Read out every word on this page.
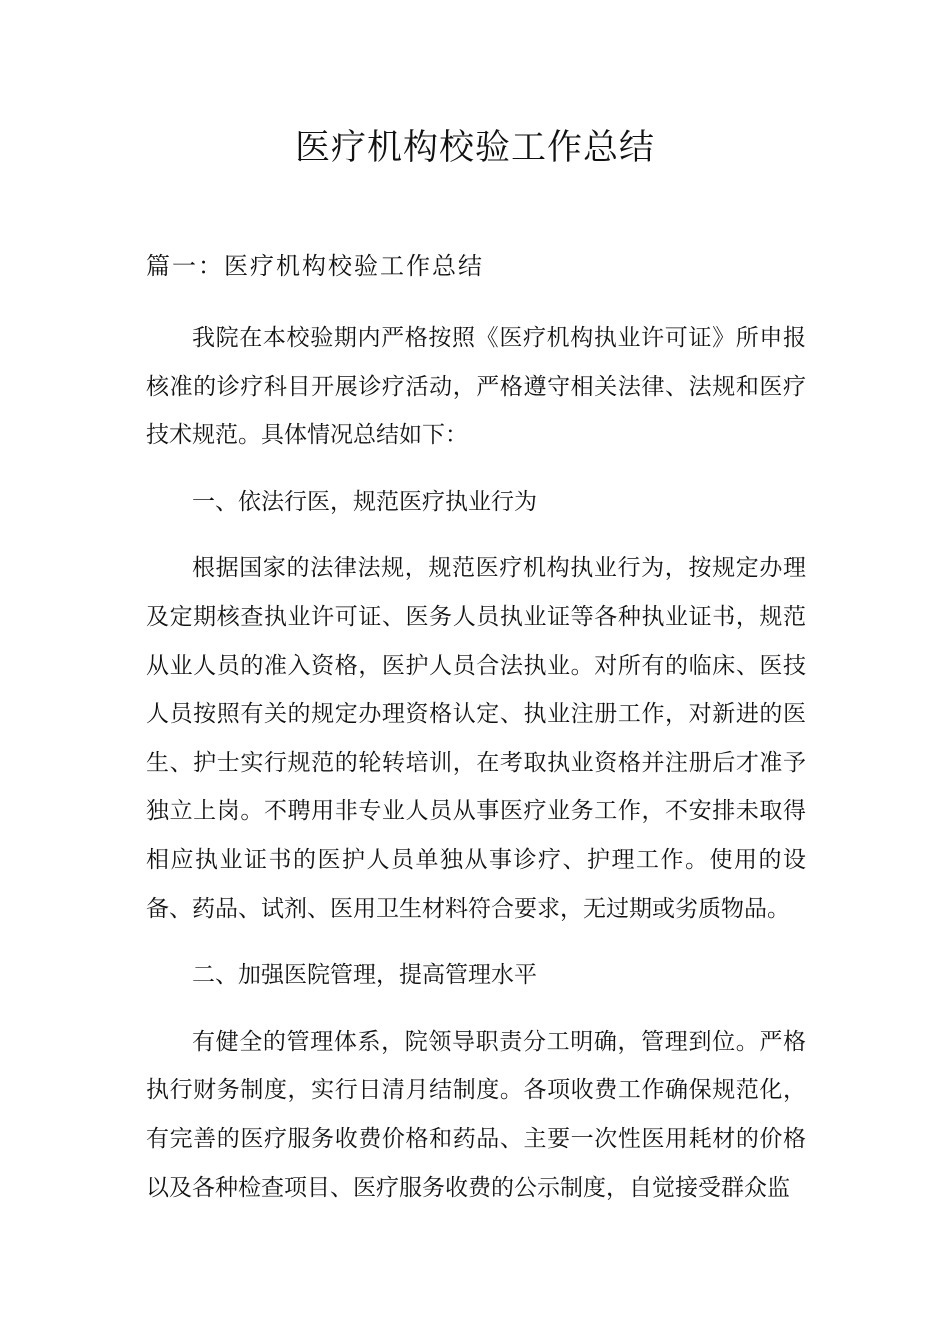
医疗机构校验工作总结
篇一：医疗机构校验工作总结

我院在本校验期内严格按照《医疗机构执业许可证》所申报核准的诊疗科目开展诊疗活动，严格遵守相关法律、法规和医疗技术规范。具体情况总结如下：

一、依法行医，规范医疗执业行为

根据国家的法律法规，规范医疗机构执业行为，按规定办理及定期核查执业许可证、医务人员执业证等各种执业证书，规范从业人员的准入资格，医护人员合法执业。对所有的临床、医技人员按照有关的规定办理资格认定、执业注册工作，对新进的医生、护士实行规范的轮转培训，在考取执业资格并注册后才准予独立上岗。不聘用非专业人员从事医疗业务工作，不安排未取得相应执业证书的医护人员单独从事诊疗、护理工作。使用的设备、药品、试剂、医用卫生材料符合要求，无过期或劣质物品。

二、加强医院管理，提高管理水平

有健全的管理体系，院领导职责分工明确，管理到位。严格执行财务制度，实行日清月结制度。各项收费工作确保规范化，有完善的医疗服务收费价格和药品、主要一次性医用耗材的价格以及各种检查项目、医疗服务收费的公示制度，自觉接受群众监
